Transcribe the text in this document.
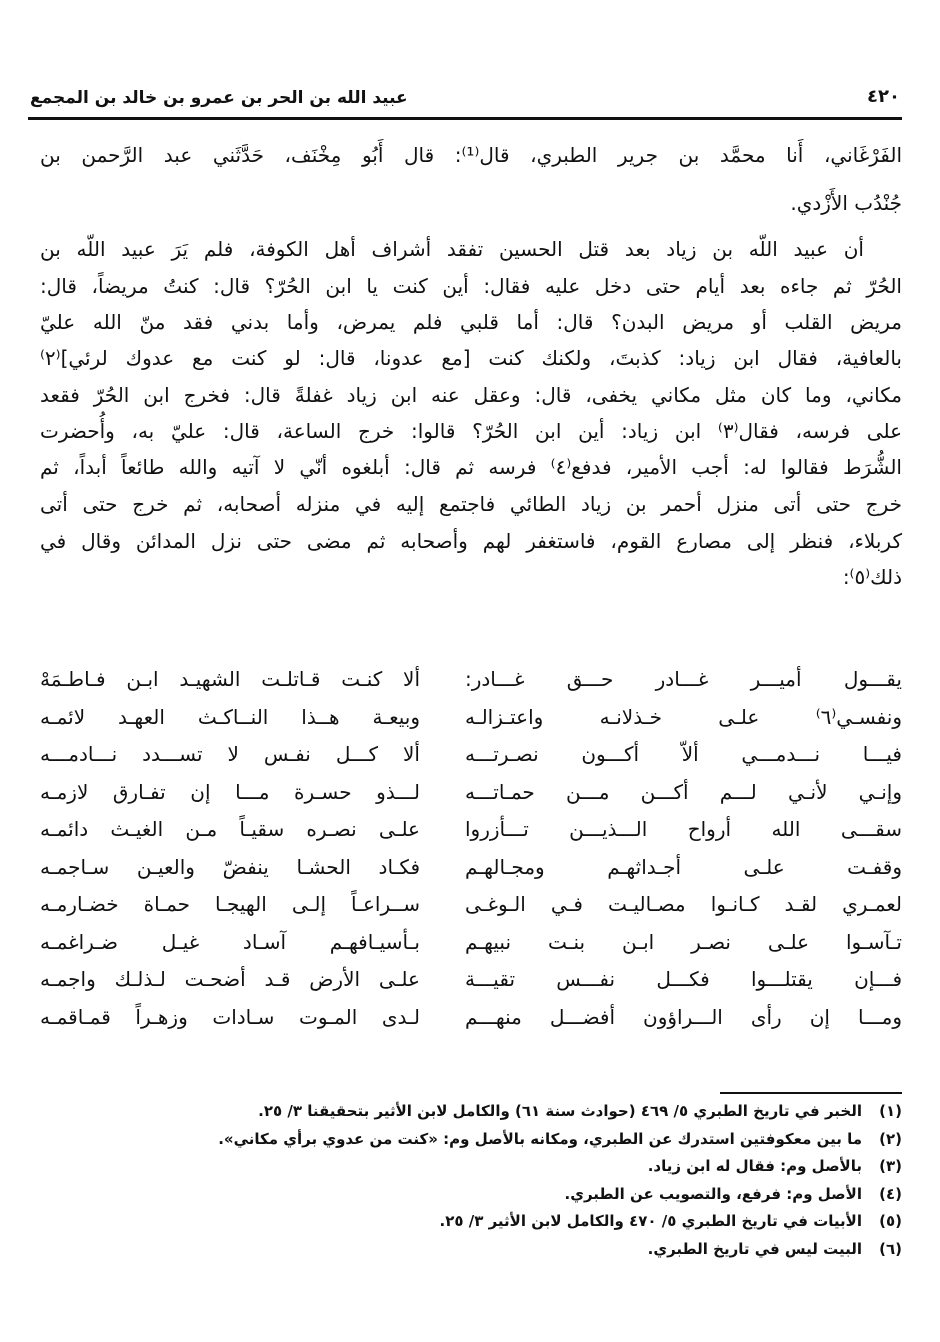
عبيد الله بن الحر بن عمرو بن خالد بن المجمع	٤٢٠
الفَرْغَاني، أَنا محمَّد بن جرير الطبري، قال⁽¹⁾: قال أَبُو مِخْنَف، حَدَّثَني عبد الرَّحمن بن
جُنْدُب الأَزْدي.
أن عبيد اللّه بن زياد بعد قتل الحسين تفقد أشراف أهل الكوفة، فلم يَرَ عبيد اللّه بن
الحُرّ ثم جاءه بعد أيام حتى دخل عليه فقال: أين كنت يا ابن الحُرّ؟ قال: كنتُ مريضاً، قال:
مريض القلب أو مريض البدن؟ قال: أما قلبي فلم يمرض، وأما بدني فقد منّ الله عليّ
بالعافية، فقال ابن زياد: كذبتَ، ولكنك كنت [مع عدونا، قال: لو كنت مع عدوك لرئي]⁽٢⁾
مكاني، وما كان مثل مكاني يخفى، قال: وعقل عنه ابن زياد غفلةً قال: فخرج ابن الحُرّ فقعد
على فرسه، فقال⁽٣⁾ ابن زياد: أين ابن الحُرّ؟ قالوا: خرج الساعة، قال: عليّ به، وأُحضرت
الشُّرَط فقالوا له: أجب الأمير، فدفع⁽٤⁾ فرسه ثم قال: أبلغوه أنّي لا آتيه والله طائعاً أبداً، ثم
خرج حتى أتى منزل أحمر بن زياد الطائي فاجتمع إليه في منزله أصحابه، ثم خرج حتى أتى
كربلاء، فنظر إلى مصارع القوم، فاستغفر لهم وأصحابه ثم مضى حتى نزل المدائن وقال في
ذلك⁽٥⁾:
يقـــول أميـــر غـــادر حـــق غـــادر:
ألا كنـت قـاتلـت الشهيـد ابـن فـاطـمَهْ
ونفسـي⁽٦⁾ علـى خـذلانـه واعتـزالـه
وبيعـة هــذا النــاكـث العهـد لائمـه
فيـــا نـــدمـــي ألاّ أكـــون نصـرتـــه
ألا كـــل نفـس لا تســـدد نـــادمـــه
وإنـي لأنـي لـــم أكـــن مـــن حمـاتـــه
لـــذو حسـرة مـــا إن تفـارق لازمـه
سقـــى الله أرواح الـــذيـــن تـــأزروا
علـى نصـره سقيـاً مـن الغيـث دائمـه
وقفـت علـى أجـداثهـم ومجـالهـم
فكـاد الحشـا ينفضّ والعيـن سـاجمـه
لعمـري لقـد كـانـوا مصـاليـت فـي الـوغـى
ســراعـاً إلـى الهيجـا حمـاة خضـارمـه
تـآسـوا علـى نصـر ابـن بنـت نبيهـم
بـأسيـافهـم آسـاد غيـل ضـراغمـه
فـــإن يقتلـــوا فكـــل نفـــس تقيـــة
علـى الأرض قـد أضحـت لـذلـك واجمـه
ومـــا إن رأى الـــراؤون أفضـــل منهـــم
لـدى المـوت سـادات وزهـراً قمـاقمـه
(١)الخبر في تاريخ الطبري ٥/ ٤٦٩ (حوادث سنة ٦١) والكامل لابن الأثير بتحقيقنا ٣/ ٢٥.
(٢)ما بين معكوفتين استدرك عن الطبري، ومكانه بالأصل وم: «كنت من عدوي برأي مكاني».
(٣)بالأصل وم: فقال له ابن زياد.
(٤)الأصل وم: فرفع، والتصويب عن الطبري.
(٥)الأبيات في تاريخ الطبري ٥/ ٤٧٠ والكامل لابن الأثير ٣/ ٢٥.
(٦)البيت ليس في تاريخ الطبري.
